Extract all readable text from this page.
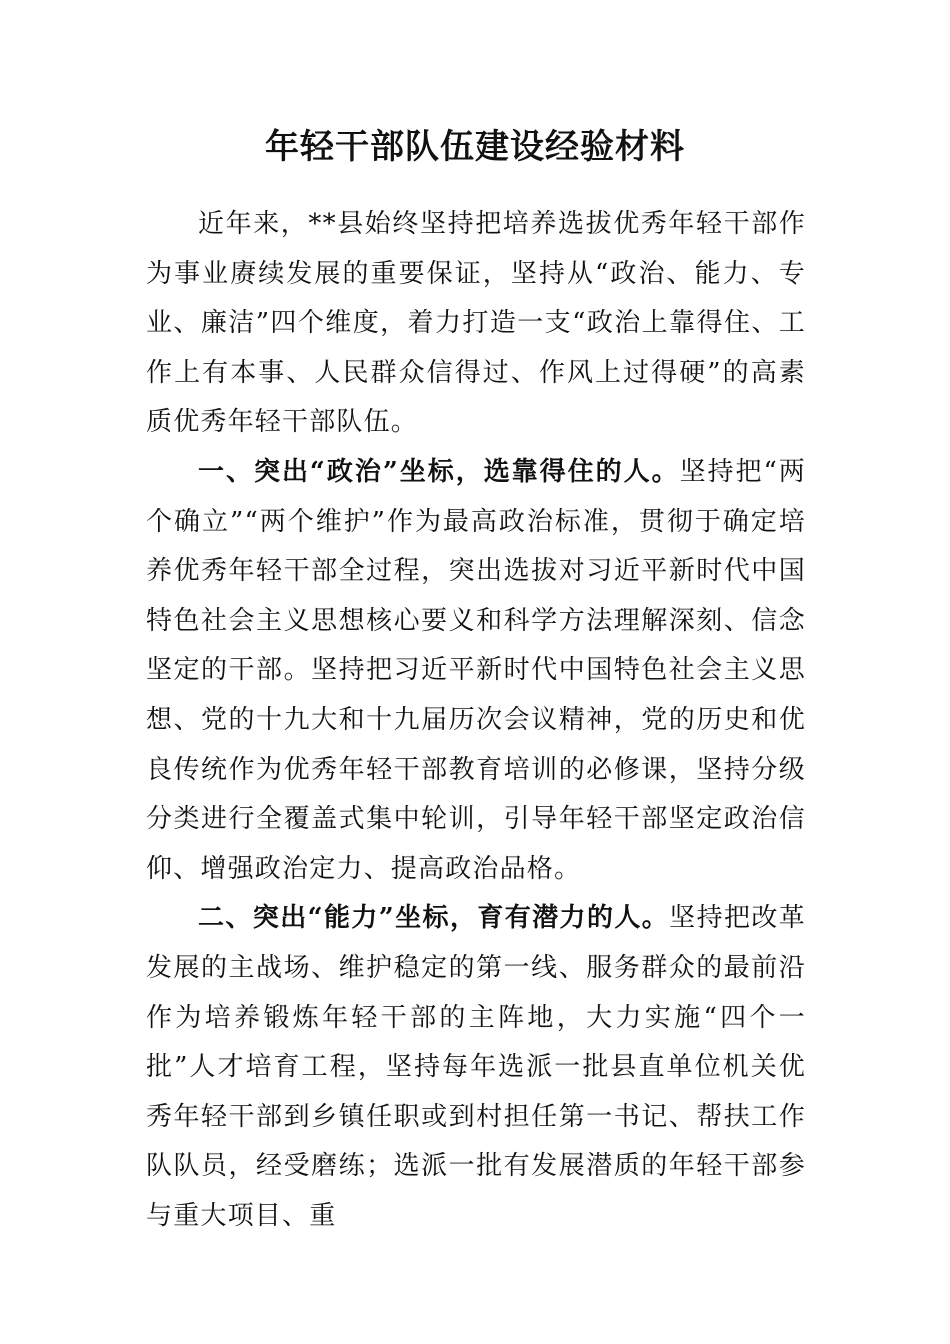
年轻干部队伍建设经验材料

近年来，**县始终坚持把培养选拔优秀年轻干部作为事业赓续发展的重要保证，坚持从“政治、能力、专业、廉洁”四个维度，着力打造一支“政治上靠得住、工作上有本事、人民群众信得过、作风上过得硬”的高素质优秀年轻干部队伍。

一、突出“政治”坐标，选靠得住的人。坚持把“两个确立”“两个维护”作为最高政治标准，贯彻于确定培养优秀年轻干部全过程，突出选拔对习近平新时代中国特色社会主义思想核心要义和科学方法理解深刻、信念坚定的干部。坚持把习近平新时代中国特色社会主义思想、党的十九大和十九届历次会议精神，党的历史和优良传统作为优秀年轻干部教育培训的必修课，坚持分级分类进行全覆盖式集中轮训，引导年轻干部坚定政治信仰、增强政治定力、提高政治品格。

二、突出“能力”坐标，育有潜力的人。坚持把改革发展的主战场、维护稳定的第一线、服务群众的最前沿作为培养锻炼年轻干部的主阵地，大力实施“四个一批”人才培育工程，坚持每年选派一批县直单位机关优秀年轻干部到乡镇任职或到村担任第一书记、帮扶工作队队员，经受磨练；选派一批有发展潜质的年轻干部参与重大项目、重
